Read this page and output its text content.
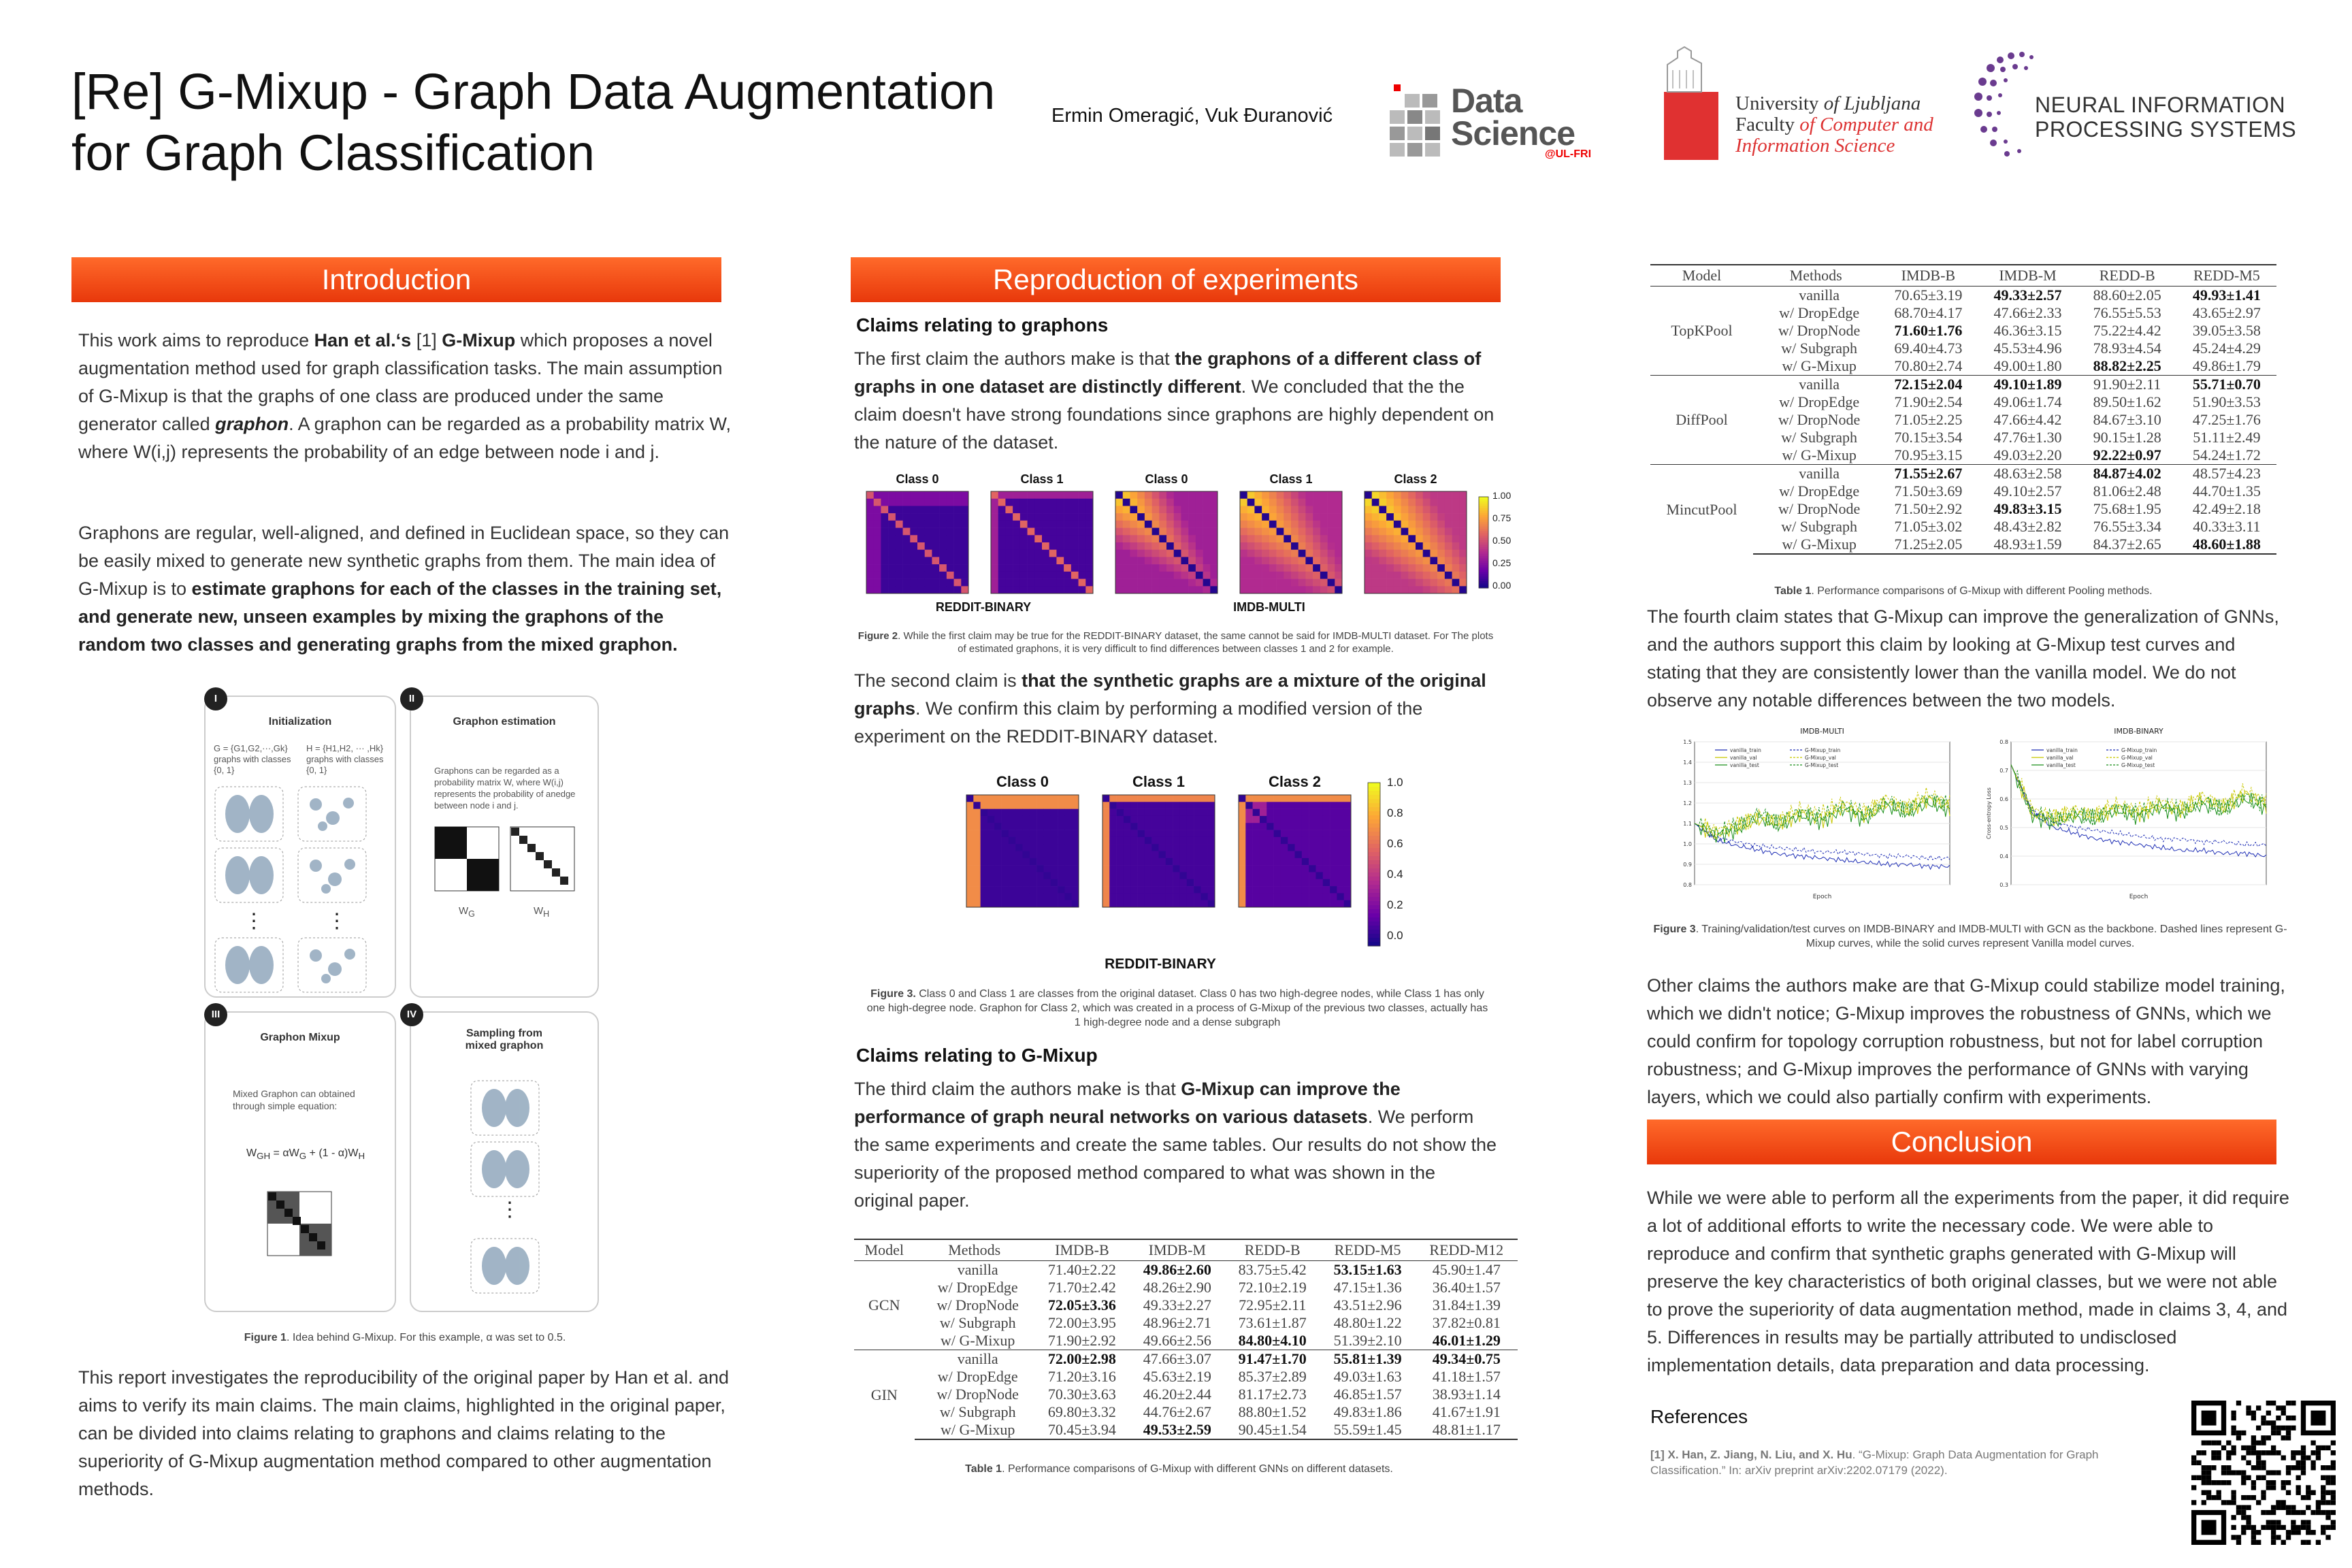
[Re] G-Mixup - Graph Data Augmentation
for Graph Classification
Ermin Omeragić, Vuk Đuranović	Data
Science
@UL-FRI
University of Ljubljana
Faculty of Computer and
Information Science
NEURAL INFORMATION
PROCESSING SYSTEMS
Introduction
This work aims to reproduce Han et al.‘s [1] G-Mixup which proposes a novel augmentation method used for graph classification tasks. The main assumption of G-Mixup is that the graphs of one class are produced under the same generator called graphon. A graphon can be regarded as a probability matrix W, where W(i,j) represents the probability of an edge between node i and j.
Graphons are regular, well-aligned, and defined in Euclidean space, so they can be easily mixed to generate new synthetic graphs from them. The main idea of G-Mixup is to estimate graphons for each of the classes in the training set, and generate new, unseen examples by mixing the graphons of the random two classes and generating graphs from the mixed graphon.
Initialization
G = {G1,G2,···,Gk} graphs with classes {0, 1}
H = {H1,H2, ··· ,Hk} graphs with classes {0, 1}
⋮	⋮
I
Graphon estimation
Graphons can be regarded as a probability matrix W, where W(i,j) represents the probability of anedge between node i and j.
$W_G$	$W_H$
II
Graphon Mixup
Mixed Graphon can obtained through simple equation:
$W_{GH} = \alpha W_G + (1 - \alpha)W_H$
III
Sampling from
mixed graphon
⋮
IV
Figure 1. Idea behind G-Mixup. For this example, α was set to 0.5.
This report investigates the reproducibility of the original paper by Han et al. and aims to verify its main claims. The main claims, highlighted in the original paper, can be divided into claims relating to graphons and claims relating to the superiority of G-Mixup augmentation method compared to other augmentation methods.
Reproduction of experiments
Claims relating to graphons
The first claim the authors make is that the graphons of a different class of graphs in one dataset are distinctly different. We concluded that the the claim doesn't have strong foundations since graphons are highly dependent on the nature of the dataset.
REDDIT-BINARY	IMDB-MULTI
Class 0	Class 1	Class 0	Class 1	Class 2
1.00
0.75
0.50
0.25
0.00
Figure 2. While the first claim may be true for the REDDIT-BINARY dataset, the same cannot be said for IMDB-MULTI dataset. For The plots of estimated graphons, it is very difficult to find differences between classes 1 and 2 for example.
The second claim is that the synthetic graphs are a mixture of the original graphs. We confirm this claim by performing a modified version of the experiment on the REDDIT-BINARY dataset.
Class 0	Class 1	Class 2	1.0
0.8
0.6
0.4
0.2
0.0
REDDIT-BINARY
Figure 3. Class 0 and Class 1 are classes from the original dataset. Class 0 has two high-degree nodes, while Class 1 has only one high-degree node. Graphon for Class 2, which was created in a process of G-Mixup of the previous two classes, actually has 1 high-degree node and a dense subgraph
Claims relating to G-Mixup
The third claim the authors make is that G-Mixup can improve the performance of graph neural networks on various datasets. We perform the same experiments and create the same tables. Our results do not show the superiority of the proposed method compared to what was shown in the original paper.
Model	Methods	IMDB-B	IMDB-M	REDD-B	REDD-M5	REDD-M12
GCN	vanilla	71.40±2.22	49.86±2.60	83.75±5.42	53.15±1.63	45.90±1.47
	w/ DropEdge	71.70±2.42	48.26±2.90	72.10±2.19	47.15±1.36	36.40±1.57
	w/ DropNode	72.05±3.36	49.33±2.27	72.95±2.11	43.51±2.96	31.84±1.39
	w/ Subgraph	72.00±3.95	48.96±2.71	73.61±1.87	48.80±1.22	37.82±0.81
	w/ G-Mixup	71.90±2.92	49.66±2.56	84.80±4.10	51.39±2.10	46.01±1.29
GIN	vanilla	72.00±2.98	47.66±3.07	91.47±1.70	55.81±1.39	49.34±0.75
	w/ DropEdge	71.20±3.16	45.63±2.19	85.37±2.89	49.03±1.63	41.18±1.57
	w/ DropNode	70.30±3.63	46.20±2.44	81.17±2.73	46.85±1.57	38.93±1.14
	w/ Subgraph	69.80±3.32	44.76±2.67	88.80±1.52	49.83±1.86	41.67±1.91
	w/ G-Mixup	70.45±3.94	49.53±2.59	90.45±1.54	55.59±1.45	48.81±1.17
Table 1. Performance comparisons of G-Mixup with different GNNs on different datasets.
Model	Methods	IMDB-B	IMDB-M	REDD-B	REDD-M5
TopKPool	vanilla	70.65±3.19	49.33±2.57	88.60±2.05	49.93±1.41
	w/ DropEdge	68.70±4.17	47.66±2.33	76.55±5.53	43.65±2.97
	w/ DropNode	71.60±1.76	46.36±3.15	75.22±4.42	39.05±3.58
	w/ Subgraph	69.40±4.73	45.53±4.96	78.93±4.54	45.24±4.29
	w/ G-Mixup	70.80±2.74	49.00±1.80	88.82±2.25	49.86±1.79
DiffPool	vanilla	72.15±2.04	49.10±1.89	91.90±2.11	55.71±0.70
	w/ DropEdge	71.90±2.54	49.06±1.74	89.50±1.62	51.90±3.53
	w/ DropNode	71.05±2.25	47.66±4.42	84.67±3.10	47.25±1.76
	w/ Subgraph	70.15±3.54	47.76±1.30	90.15±1.28	51.11±2.49
	w/ G-Mixup	70.95±3.15	49.03±2.20	92.22±0.97	54.24±1.72
MincutPool	vanilla	71.55±2.67	48.63±2.58	84.87±4.02	48.57±4.23
	w/ DropEdge	71.50±3.69	49.10±2.57	81.06±2.48	44.70±1.35
	w/ DropNode	71.50±2.92	49.83±3.15	75.68±1.95	42.49±2.18
	w/ Subgraph	71.05±3.02	48.43±2.82	76.55±3.34	40.33±3.11
	w/ G-Mixup	71.25±2.05	48.93±1.59	84.37±2.65	48.60±1.88
Table 1. Performance comparisons of G-Mixup with different Pooling methods.
The fourth claim states that G-Mixup can improve the generalization of GNNs, and the authors support this claim by looking at G-Mixup test curves and stating that they are consistently lower than the vanilla model. We do not observe any notable differences between the two models.
IMDB-MULTI
1.5
1.4
1.3
1.2
1.1
1.0
0.9
0.8
Epoch
vanilla_train
vanilla_val
vanilla_test
G-Mixup_train
G-Mixup_val
G-Mixup_test
IMDB-BINARY
0.8
0.7
0.6
0.5
0.4
0.3
Epoch
Cross-entropy Loss
vanilla_train
vanilla_val
vanilla_test
G-Mixup_train
G-Mixup_val
G-Mixup_test
Figure 3. Training/validation/test curves on IMDB-BINARY and IMDB-MULTI with GCN as the backbone. Dashed lines represent G-Mixup curves, while the solid curves represent Vanilla model curves.
Other claims the authors make are that G-Mixup could stabilize model training, which we didn't notice; G-Mixup improves the robustness of GNNs, which we could confirm for topology corruption robustness, but not for label corruption robustness; and G-Mixup improves the performance of GNNs with varying layers, which we could also partially confirm with experiments.
Conclusion
While we were able to perform all the experiments from the paper, it did require a lot of additional efforts to write the necessary code. We were able to reproduce and confirm that synthetic graphs generated with G-Mixup will preserve the key characteristics of both original classes, but we were not able to prove the superiority of data augmentation method, made in claims 3, 4, and 5. Differences in results may be partially attributed to undisclosed implementation details, data preparation and data processing.
References
[1] X. Han, Z. Jiang, N. Liu, and X. Hu. “G-Mixup: Graph Data Augmentation for Graph Classification.” In: arXiv preprint arXiv:2202.07179 (2022).
